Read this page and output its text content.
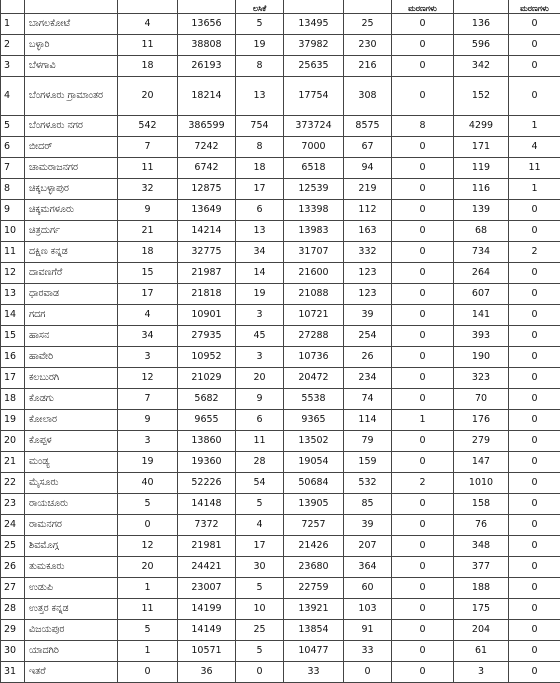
				ಲಸಿಕೆ			ಮರಣಗಳು		ಮರಣಗಳು
1	ಬಾಗಲಕೋಟೆ	4	13656	5	13495	25	0	136	0
2	ಬಳ್ಳಾರಿ	11	38808	19	37982	230	0	596	0
3	ಬೆಳಗಾವಿ	18	26193	8	25635	216	0	342	0
4	ಬೆಂಗಳೂರು ಗ್ರಾಮಾಂತರ	20	18214	13	17754	308	0	152	0
5	ಬೆಂಗಳೂರು ನಗರ	542	386599	754	373724	8575	8	4299	1
6	ಬೀದರ್	7	7242	8	7000	67	0	171	4
7	ಚಾಮರಾಜನಗರ	11	6742	18	6518	94	0	119	11
8	ಚಿಕ್ಕಬಳ್ಳಾಪುರ	32	12875	17	12539	219	0	116	1
9	ಚಿಕ್ಕಮಗಳೂರು	9	13649	6	13398	112	0	139	0
10	ಚಿತ್ರದುರ್ಗ	21	14214	13	13983	163	0	68	0
11	ದಕ್ಷಿಣ ಕನ್ನಡ	18	32775	34	31707	332	0	734	2
12	ದಾವಣಗೆರೆ	15	21987	14	21600	123	0	264	0
13	ಧಾರವಾಡ	17	21818	19	21088	123	0	607	0
14	ಗದಗ	4	10901	3	10721	39	0	141	0
15	ಹಾಸನ	34	27935	45	27288	254	0	393	0
16	ಹಾವೇರಿ	3	10952	3	10736	26	0	190	0
17	ಕಲಬುರಗಿ	12	21029	20	20472	234	0	323	0
18	ಕೊಡಗು	7	5682	9	5538	74	0	70	0
19	ಕೋಲಾರ	9	9655	6	9365	114	1	176	0
20	ಕೊಪ್ಪಳ	3	13860	11	13502	79	0	279	0
21	ಮಂಡ್ಯ	19	19360	28	19054	159	0	147	0
22	ಮೈಸೂರು	40	52226	54	50684	532	2	1010	0
23	ರಾಯಚೂರು	5	14148	5	13905	85	0	158	0
24	ರಾಮನಗರ	0	7372	4	7257	39	0	76	0
25	ಶಿವಮೊಗ್ಗ	12	21981	17	21426	207	0	348	0
26	ತುಮಕೂರು	20	24421	30	23680	364	0	377	0
27	ಉಡುಪಿ	1	23007	5	22759	60	0	188	0
28	ಉತ್ತರ ಕನ್ನಡ	11	14199	10	13921	103	0	175	0
29	ವಿಜಯಪುರ	5	14149	25	13854	91	0	204	0
30	ಯಾದಗಿರಿ	1	10571	5	10477	33	0	61	0
31	ಇತರೆ	0	36	0	33	0	0	3	0
